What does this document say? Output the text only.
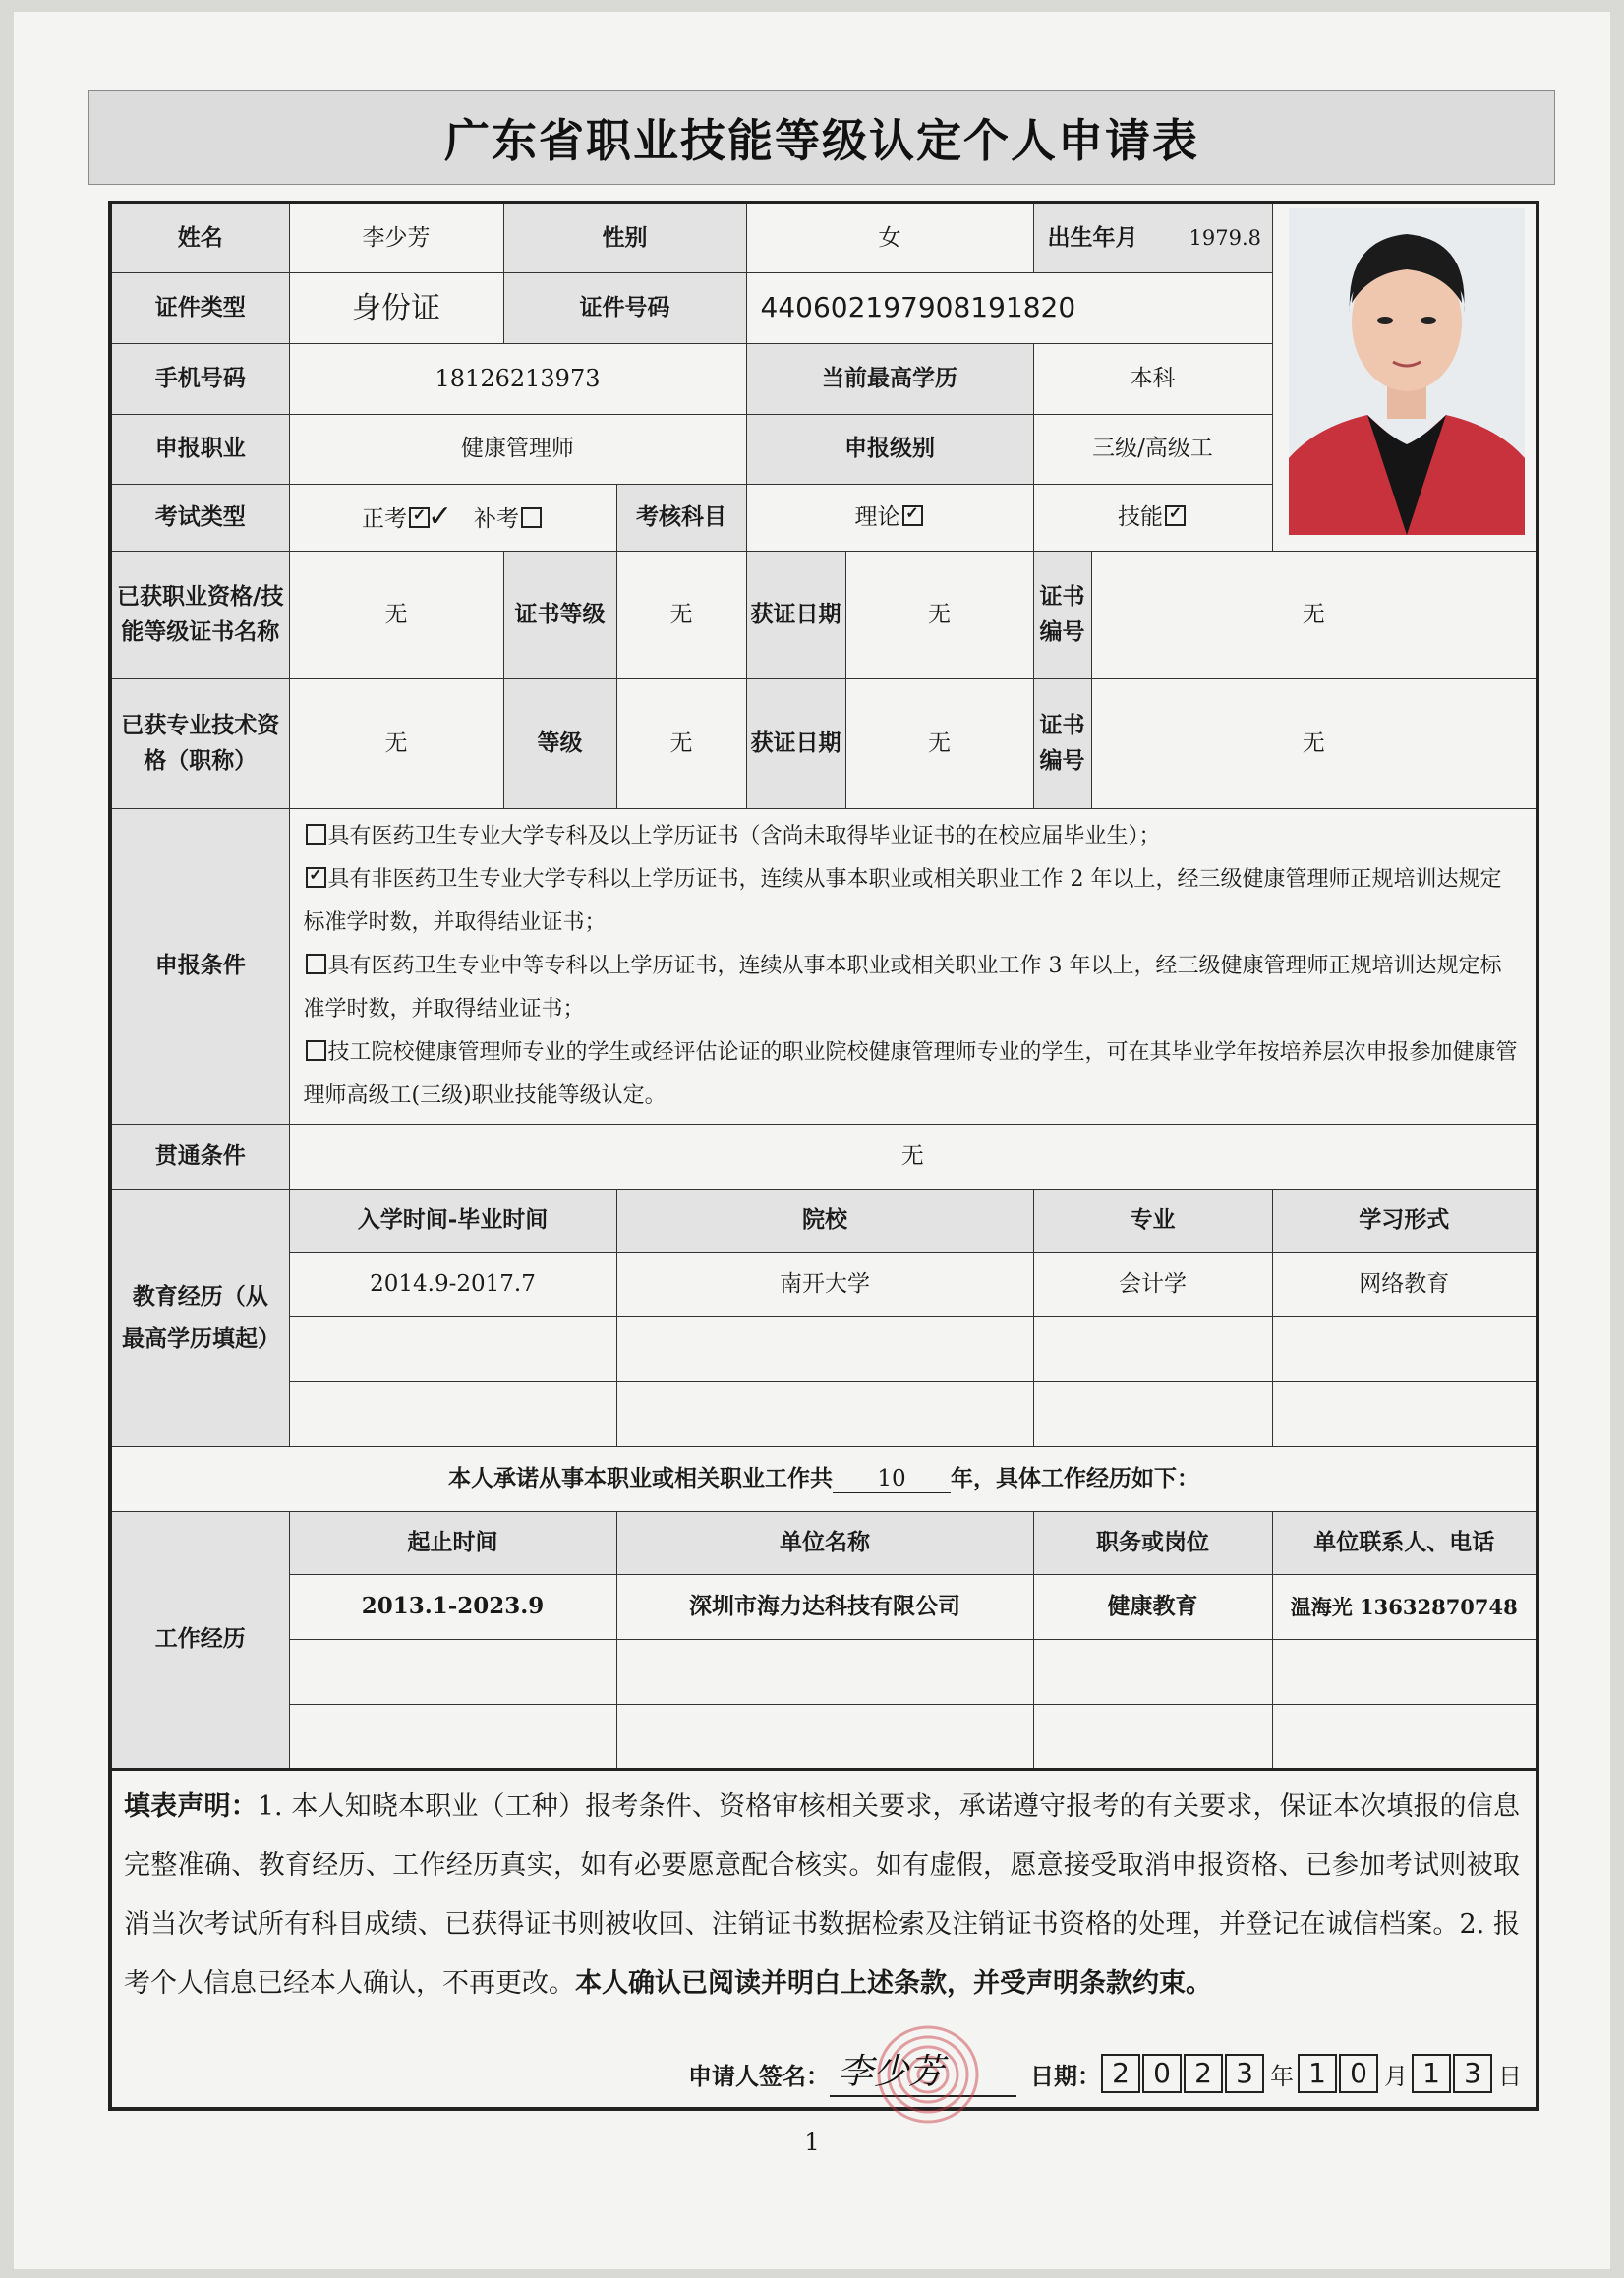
广东省职业技能等级认定个人申请表
姓名	李少芳	性别		女		出生年月 1979.8	
证件类型	身份证	证件号码		440602197908191820				
手机号码	18126213973			当前最高学历		本科		
申报职业	健康管理师			申报级别		三级/高级工		
考试类型	正考 ✓ ✓ 补考		考核科目	理论✓		技能✓
已获职业资格/技能等级证书名称	无	证书等级	无	获证日期	无	证书编号	无	
已获专业技术资格（职称）	无	等级	无	获证日期	无	证书编号	无	
申报条件	具有医药卫生专业大学专科及以上学历证书（含尚未取得毕业证书的在校应届毕业生）；

✓具有非医药卫生专业大学专科以上学历证书，连续从事本职业或相关职业工作 2 年以上，经三级健康管理师正规培训达规定标准学时数，并取得结业证书；

具有医药卫生专业中等专科以上学历证书，连续从事本职业或相关职业工作 3 年以上，经三级健康管理师正规培训达规定标准学时数，并取得结业证书；

技工院校健康管理师专业的学生或经评估论证的职业院校健康管理师专业的学生，可在其毕业学年按培养层次申报参加健康管理师高级工(三级)职业技能等级认定。

贯通条件	无							
教育经历（从最高学历填起）	入学时间-毕业时间		院校			专业		学习形式
	2014.9-2017.7		南开大学			会计学		网络教育

本人承诺从事本职业或相关职业工作共 10 年，具体工作经历如下：								
工作经历	起止时间		单位名称			职务或岗位		单位联系人、电话
	2013.1-2023.9		深圳市海力达科技有限公司			健康教育		温海光 13632870748

填表声明：1. 本人知晓本职业（工种）报考条件、资格审核相关要求，承诺遵守报考的有关要求，保证本次填报的信息完整准确、教育经历、工作经历真实，如有必要愿意配合核实。如有虚假，愿意接受取消申报资格、已参加考试则被取消当次考试所有科目成绩、已获得证书则被收回、注销证书数据检索及注销证书资格的处理，并登记在诚信档案。2. 报考个人信息已经本人确认，不再更改。本人确认已阅读并明白上述条款，并受声明条款约束。
申请人签名： 李少芳	日期： 2 0 2 3 年 1 0 月 1 3 日
1
